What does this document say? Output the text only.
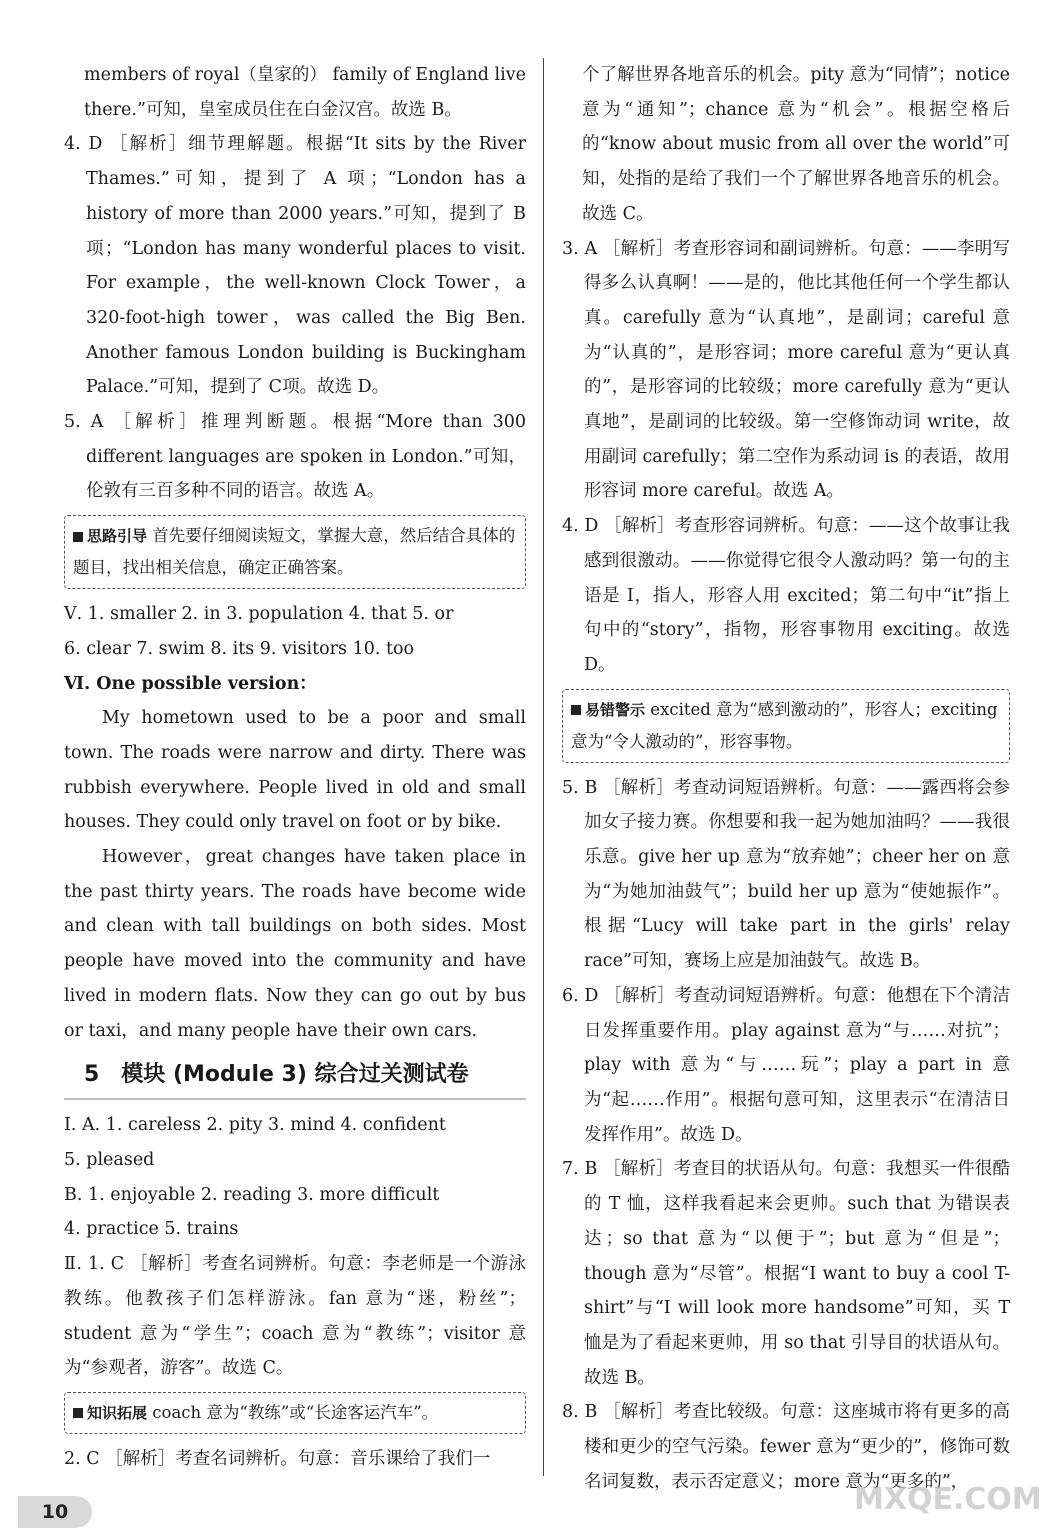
members of royal（皇家的） family of England live there.”可知，皇室成员住在白金汉宫。故选 B。

4. D ［解析］细节理解题。根据“It sits by the River Thames.”可知，提到了 A 项；“London has a history of more than 2000 years.”可知，提到了 B 项；“London has many wonderful places to visit. For example，the well-known Clock Tower，a 320-foot-high tower，was called the Big Ben. Another famous London building is Buckingham Palace.”可知，提到了 C项。故选 D。

5. A ［解析］推理判断题。根据“More than 300 different languages are spoken in London.”可知，伦敦有三百多种不同的语言。故选 A。

思路引导 首先要仔细阅读短文，掌握大意，然后结合具体的题目，找出相关信息，确定正确答案。

Ⅴ. 1. smaller 2. in 3. population 4. that 5. or

6. clear 7. swim 8. its 9. visitors 10. too

Ⅵ. One possible version：

My hometown used to be a poor and small town. The roads were narrow and dirty. There was rubbish everywhere. People lived in old and small houses. They could only travel on foot or by bike.

However，great changes have taken place in the past thirty years. The roads have become wide and clean with tall buildings on both sides. Most people have moved into the community and have lived in modern flats. Now they can go out by bus or taxi，and many people have their own cars.

5　模块 (Module 3) 综合过关测试卷

Ⅰ. A. 1. careless 2. pity 3. mind 4. confident

5. pleased

B. 1. enjoyable 2. reading 3. more difficult

4. practice 5. trains

Ⅱ. 1. C ［解析］考查名词辨析。句意：李老师是一个游泳教练。他教孩子们怎样游泳。fan 意为“迷，粉丝”；student 意为“学生”；coach 意为“教练”；visitor 意为“参观者，游客”。故选 C。

知识拓展 coach 意为“教练”或“长途客运汽车”。

2. C ［解析］考查名词辨析。句意：音乐课给了我们一

个了解世界各地音乐的机会。pity 意为“同情”；notice 意为“通知”；chance 意为“机会”。根据空格后的“know about music from all over the world”可知，处指的是给了我们一个了解世界各地音乐的机会。故选 C。

3. A ［解析］考查形容词和副词辨析。句意：——李明写得多么认真啊！——是的，他比其他任何一个学生都认真。carefully 意为“认真地”，是副词；careful 意为“认真的”，是形容词；more careful 意为“更认真的”，是形容词的比较级；more carefully 意为“更认真地”，是副词的比较级。第一空修饰动词 write，故用副词 carefully；第二空作为系动词 is 的表语，故用形容词 more careful。故选 A。

4. D ［解析］考查形容词辨析。句意：——这个故事让我感到很激动。——你觉得它很令人激动吗？第一句的主语是 I，指人，形容人用 excited；第二句中“it”指上句中的“story”，指物，形容事物用 exciting。故选 D。

易错警示 excited 意为“感到激动的”，形容人；exciting 意为“令人激动的”，形容事物。

5. B ［解析］考查动词短语辨析。句意：——露西将会参加女子接力赛。你想要和我一起为她加油吗？——我很乐意。give her up 意为“放弃她”；cheer her on 意为“为她加油鼓气”；build her up 意为“使她振作”。根据“Lucy will take part in the girls' relay race”可知，赛场上应是加油鼓气。故选 B。

6. D ［解析］考查动词短语辨析。句意：他想在下个清洁日发挥重要作用。play against 意为“与……对抗”；play with 意为“与……玩”；play a part in 意为“起……作用”。根据句意可知，这里表示“在清洁日发挥作用”。故选 D。

7. B ［解析］考查目的状语从句。句意：我想买一件很酷的 T 恤，这样我看起来会更帅。such that 为错误表达；so that 意为“以便于”；but 意为“但是”；though 意为“尽管”。根据“I want to buy a cool T-shirt”与“I will look more handsome”可知，买 T 恤是为了看起来更帅，用 so that 引导目的状语从句。故选 B。

8. B ［解析］考查比较级。句意：这座城市将有更多的高楼和更少的空气污染。fewer 意为“更少的”，修饰可数名词复数，表示否定意义；more 意为“更多的”，

10	MXQE.COM
